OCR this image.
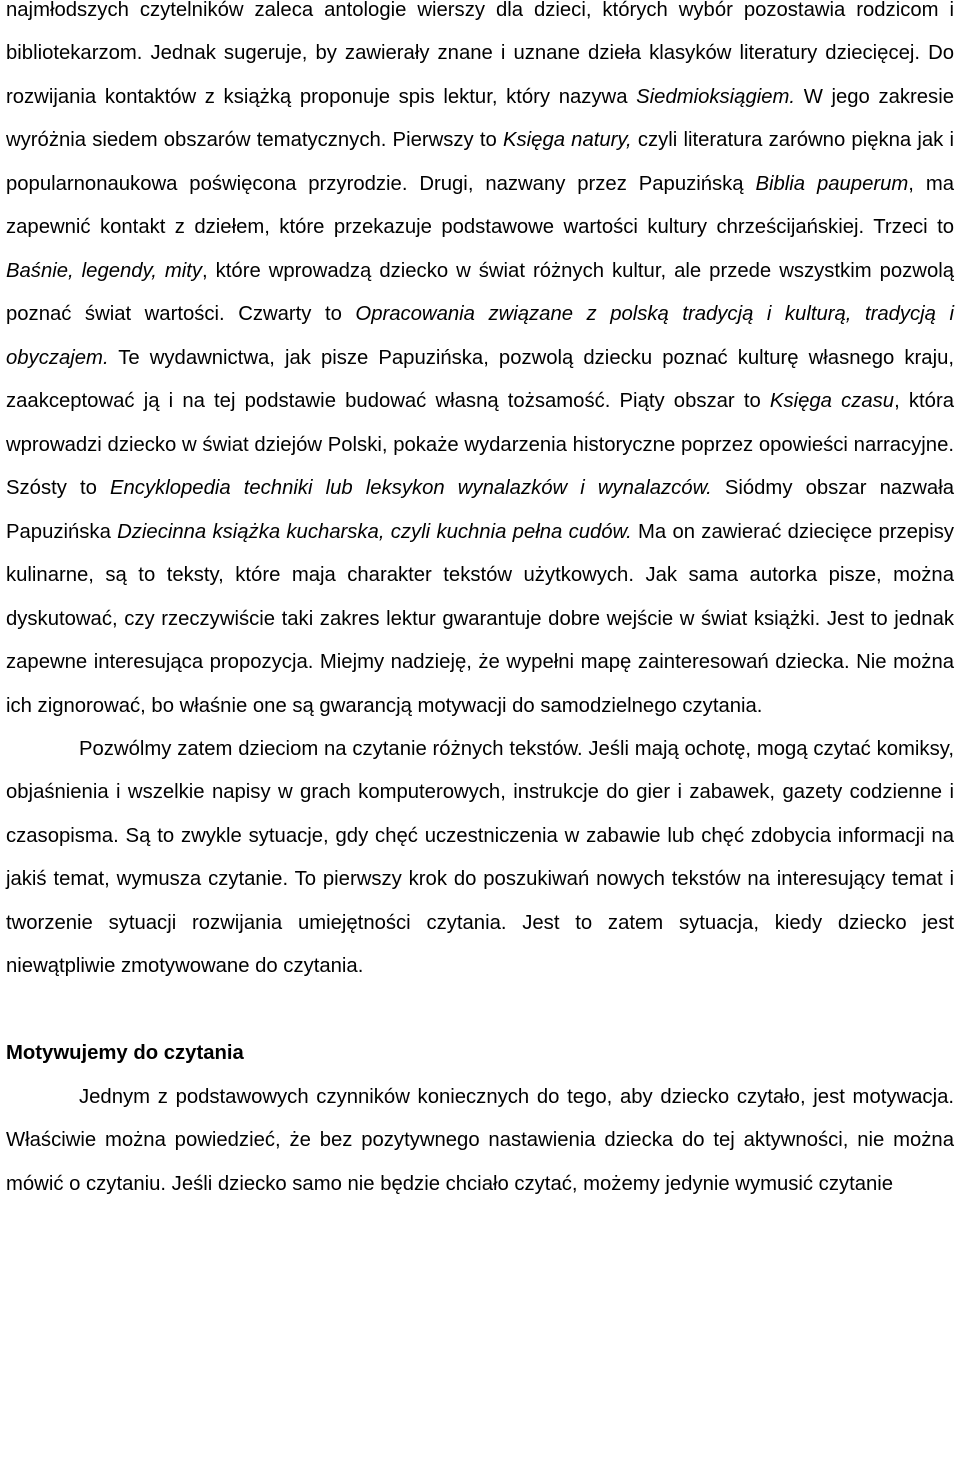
najmłodszych czytelników zaleca antologie wierszy dla dzieci, których wybór pozostawia rodzicom i bibliotekarzom. Jednak sugeruje, by zawierały znane i uznane dzieła klasyków literatury dziecięcej. Do rozwijania kontaktów z książką proponuje spis lektur, który nazywa Siedmioksiągiem. W jego zakresie wyróżnia siedem obszarów tematycznych. Pierwszy to Księga natury, czyli literatura zarówno piękna jak i popularnonaukowa poświęcona przyrodzie. Drugi, nazwany przez Papuzińską Biblia pauperum, ma zapewnić kontakt z dziełem, które przekazuje podstawowe wartości kultury chrześcijańskiej. Trzeci to Baśnie, legendy, mity, które wprowadzą dziecko w świat różnych kultur, ale przede wszystkim pozwolą poznać świat wartości. Czwarty to Opracowania związane z polską tradycją i kulturą, tradycją i obyczajem. Te wydawnictwa, jak pisze Papuzińska, pozwolą dziecku poznać kulturę własnego kraju, zaakceptować ją i na tej podstawie budować własną tożsamość. Piąty obszar to Księga czasu, która wprowadzi dziecko w świat dziejów Polski, pokaże wydarzenia historyczne poprzez opowieści narracyjne. Szósty to Encyklopedia techniki lub leksykon wynalazków i wynalazców. Siódmy obszar nazwała Papuzińska Dziecinna książka kucharska, czyli kuchnia pełna cudów. Ma on zawierać dziecięce przepisy kulinarne, są to teksty, które maja charakter tekstów użytkowych. Jak sama autorka pisze, można dyskutować, czy rzeczywiście taki zakres lektur gwarantuje dobre wejście w świat książki. Jest to jednak zapewne interesująca propozycja. Miejmy nadzieję, że wypełni mapę zainteresowań dziecka. Nie można ich zignorować, bo właśnie one są gwarancją motywacji do samodzielnego czytania.

Pozwólmy zatem dzieciom na czytanie różnych tekstów. Jeśli mają ochotę, mogą czytać komiksy, objaśnienia i wszelkie napisy w grach komputerowych, instrukcje do gier i zabawek, gazety codzienne i czasopisma. Są to zwykle sytuacje, gdy chęć uczestniczenia w zabawie lub chęć zdobycia informacji na jakiś temat, wymusza czytanie. To pierwszy krok do poszukiwań nowych tekstów na interesujący temat i tworzenie sytuacji rozwijania umiejętności czytania. Jest to zatem sytuacja, kiedy dziecko jest niewątpliwie zmotywowane do czytania.

Motywujemy do czytania

Jednym z podstawowych czynników koniecznych do tego, aby dziecko czytało, jest motywacja. Właściwie można powiedzieć, że bez pozytywnego nastawienia dziecka do tej aktywności, nie można mówić o czytaniu. Jeśli dziecko samo nie będzie chciało czytać, możemy jedynie wymusić czytanie
